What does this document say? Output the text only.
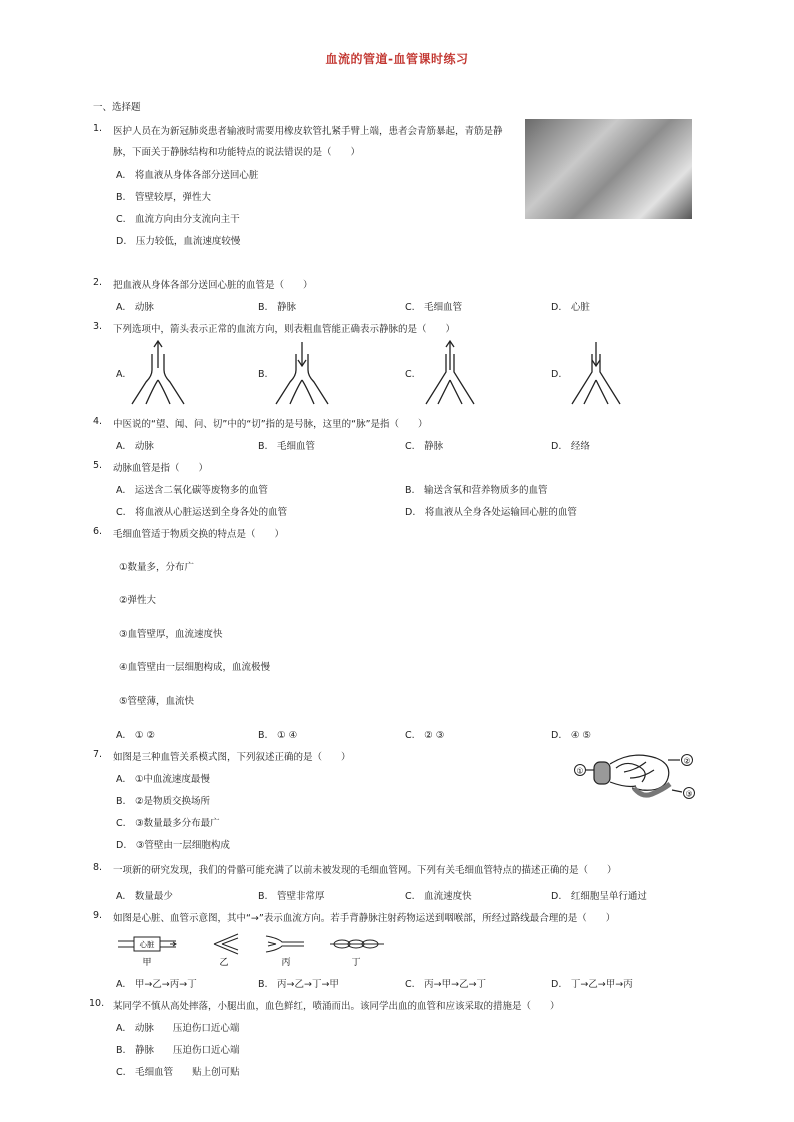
血流的管道-血管课时练习
一、选择题
1. 医护人员在为新冠肺炎患者输液时需要用橡皮软管扎紧手臂上端，患者会青筋暴起，青筋是静
脉，下面关于静脉结构和功能特点的说法错误的是（　　）
A.　将血液从身体各部分送回心脏
B.　管壁较厚，弹性大
C.　血流方向由分支流向主干
D.　压力较低，血流速度较慢
2. 把血液从身体各部分送回心脏的血管是（　　）
A.　动脉	B.　静脉	C.　毛细血管	D.　心脏
3. 下列选项中，箭头表示正常的血流方向，则表粗血管能正确表示静脉的是（　　）
A.	B.	C.	D.
4. 中医说的“望、闻、问、切”中的“切”指的是号脉，这里的“脉”是指（　　）
A.　动脉	B.　毛细血管	C.　静脉	D.　经络
5. 动脉血管是指（　　）
A.　运送含二氧化碳等废物多的血管	B.　输送含氧和营养物质多的血管
C.　将血液从心脏运送到全身各处的血管	D.　将血液从全身各处运输回心脏的血管
6. 毛细血管适于物质交换的特点是（　　）
①数量多，分布广
②弹性大
③血管壁厚，血流速度快
④血管壁由一层细胞构成，血流极慢
⑤管壁薄，血流快
A.　① ②	B.　① ④	C.　② ③	D.　④ ⑤
7. 如图是三种血管关系模式图，下列叙述正确的是（　　）
A.　①中血流速度最慢
B.　②是物质交换场所
C.　③数量最多分布最广
D.　③管壁由一层细胞构成
①
②
③
8. 一项新的研究发现，我们的骨骼可能充满了以前未被发现的毛细血管网。下列有关毛细血管特点的描述正确的是（　　）
A.　数量最少	B.　管壁非常厚	C.　血流速度快	D.　红细胞呈单行通过
9. 如图是心脏、血管示意图，其中“→”表示血流方向。若手背静脉注射药物运送到咽喉部，所经过路线最合理的是（　　）
心脏
甲	乙	丙	丁
A.　甲→乙→丙→丁	B.　丙→乙→丁→甲	C.　丙→甲→乙→丁	D.　丁→乙→甲→丙
10. 某同学不慎从高处摔落，小腿出血，血色鲜红，喷涌而出。该同学出血的血管和应该采取的措施是（　　）
A.　动脉　　压迫伤口近心端
B.　静脉　　压迫伤口近心端
C.　毛细血管　　贴上创可贴
